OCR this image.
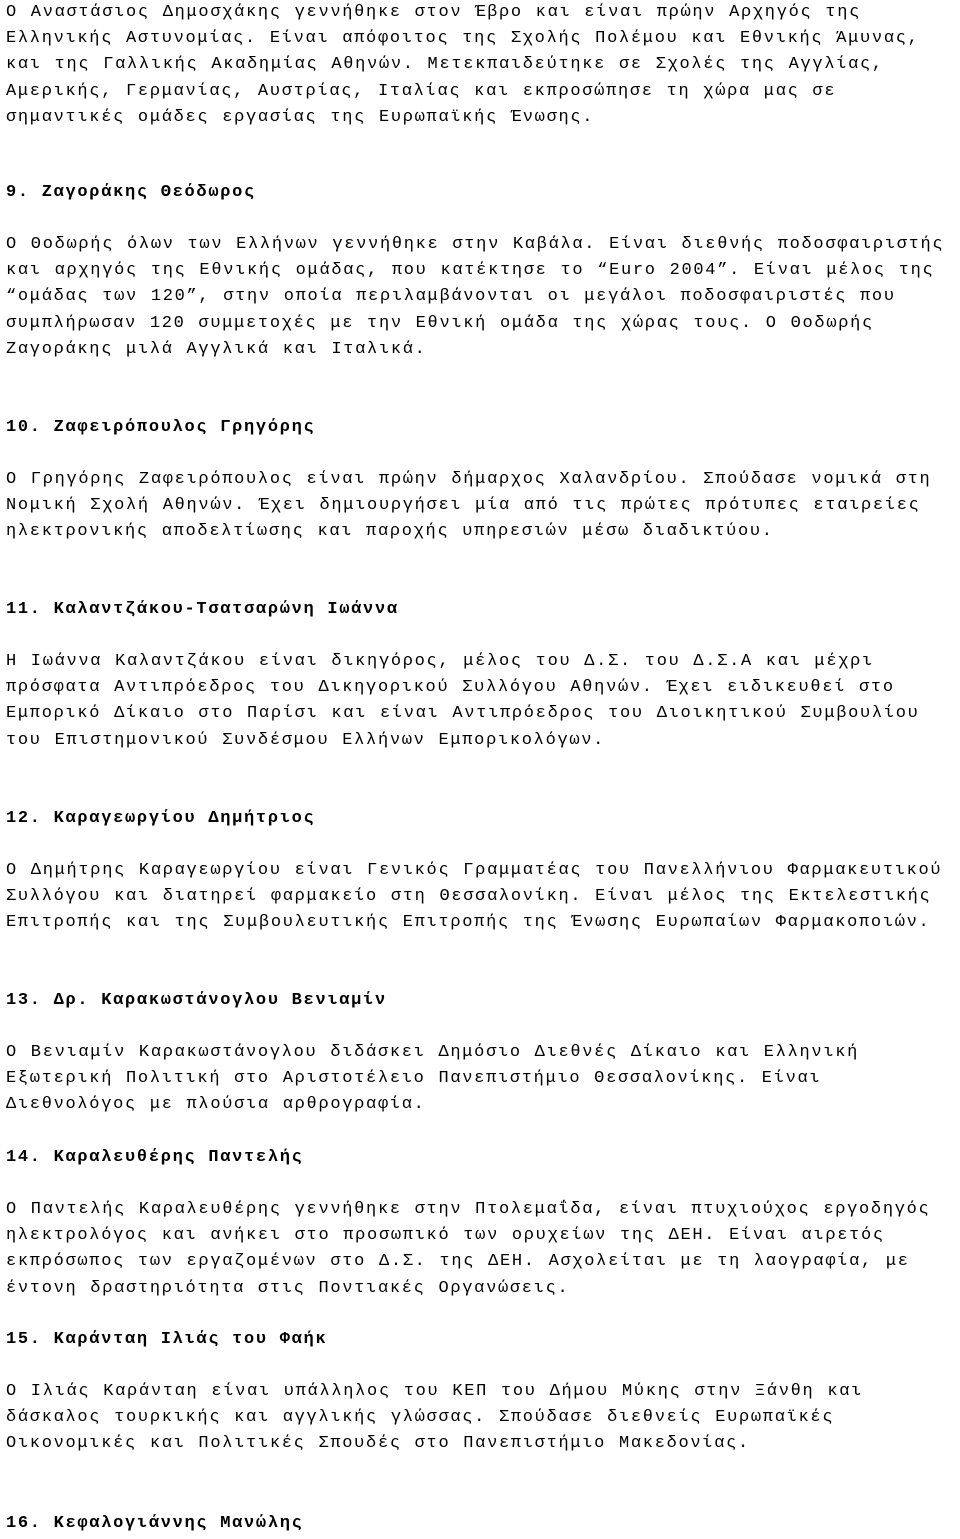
Ο Αναστάσιος Δημοσχάκης γεννήθηκε στον Έβρο και είναι πρώην Αρχηγός της Ελληνικής Αστυνομίας. Είναι απόφοιτος της Σχολής Πολέμου και Εθνικής Άμυνας, και της Γαλλικής Ακαδημίας Αθηνών. Μετεκπαιδεύτηκε σε Σχολές της Αγγλίας, Αμερικής, Γερμανίας, Αυστρίας, Ιταλίας και εκπροσώπησε τη χώρα μας σε σημαντικές ομάδες εργασίας της Ευρωπαϊκής Ένωσης.

9. Ζαγοράκης Θεόδωρος

Ο Θοδωρής όλων των Ελλήνων γεννήθηκε στην Καβάλα. Είναι διεθνής ποδοσφαιριστής και αρχηγός της Εθνικής ομάδας, που κατέκτησε το “Euro 2004”. Είναι μέλος της “ομάδας των 120”, στην οποία περιλαμβάνονται οι μεγάλοι ποδοσφαιριστές που συμπλήρωσαν 120 συμμετοχές με την Εθνική ομάδα της χώρας τους. Ο Θοδωρής Ζαγοράκης μιλά Αγγλικά και Ιταλικά.

10. Ζαφειρόπουλος Γρηγόρης

Ο Γρηγόρης Ζαφειρόπουλος είναι πρώην δήμαρχος Χαλανδρίου. Σπούδασε νομικά στη Νομική Σχολή Αθηνών. Έχει δημιουργήσει μία από τις πρώτες πρότυπες εταιρείες ηλεκτρονικής αποδελτίωσης και παροχής υπηρεσιών μέσω διαδικτύου.

11. Καλαντζάκου-Τσατσαρώνη Ιωάννα

Η Ιωάννα Καλαντζάκου είναι δικηγόρος, μέλος του Δ.Σ. του Δ.Σ.Α και μέχρι πρόσφατα Αντιπρόεδρος του Δικηγορικού Συλλόγου Αθηνών. Έχει ειδικευθεί στο Εμπορικό Δίκαιο στο Παρίσι και είναι Αντιπρόεδρος του Διοικητικού Συμβουλίου του Επιστημονικού Συνδέσμου Ελλήνων Εμπορικολόγων.

12. Καραγεωργίου Δημήτριος

Ο Δημήτρης Καραγεωργίου είναι Γενικός Γραμματέας του Πανελλήνιου Φαρμακευτικού Συλλόγου και διατηρεί φαρμακείο στη Θεσσαλονίκη. Είναι μέλος της Εκτελεστικής Επιτροπής και της Συμβουλευτικής Επιτροπής της Ένωσης Ευρωπαίων Φαρμακοποιών.

13. Δρ. Καρακωστάνογλου Βενιαμίν

Ο Βενιαμίν Καρακωστάνογλου διδάσκει Δημόσιο Διεθνές Δίκαιο και Ελληνική Εξωτερική Πολιτική στο Αριστοτέλειο Πανεπιστήμιο Θεσσαλονίκης. Είναι Διεθνολόγος με πλούσια αρθρογραφία.

14. Καραλευθέρης Παντελής

Ο Παντελής Καραλευθέρης γεννήθηκε στην Πτολεμαΐδα, είναι πτυχιούχος εργοδηγός ηλεκτρολόγος και ανήκει στο προσωπικό των ορυχείων της ΔΕΗ. Είναι αιρετός εκπρόσωπος των εργαζομένων στο Δ.Σ. της ΔΕΗ. Ασχολείται με τη λαογραφία, με έντονη δραστηριότητα στις Ποντιακές Οργανώσεις.

15. Καράνταη Ιλιάς του Φαήκ

Ο Ιλιάς Καράνταη είναι υπάλληλος του ΚΕΠ του Δήμου Μύκης στην Ξάνθη και δάσκαλος τουρκικής και αγγλικής γλώσσας. Σπούδασε διεθνείς Ευρωπαϊκές Οικονομικές και Πολιτικές Σπουδές στο Πανεπιστήμιο Μακεδονίας.

16. Κεφαλογιάννης Μανώλης
